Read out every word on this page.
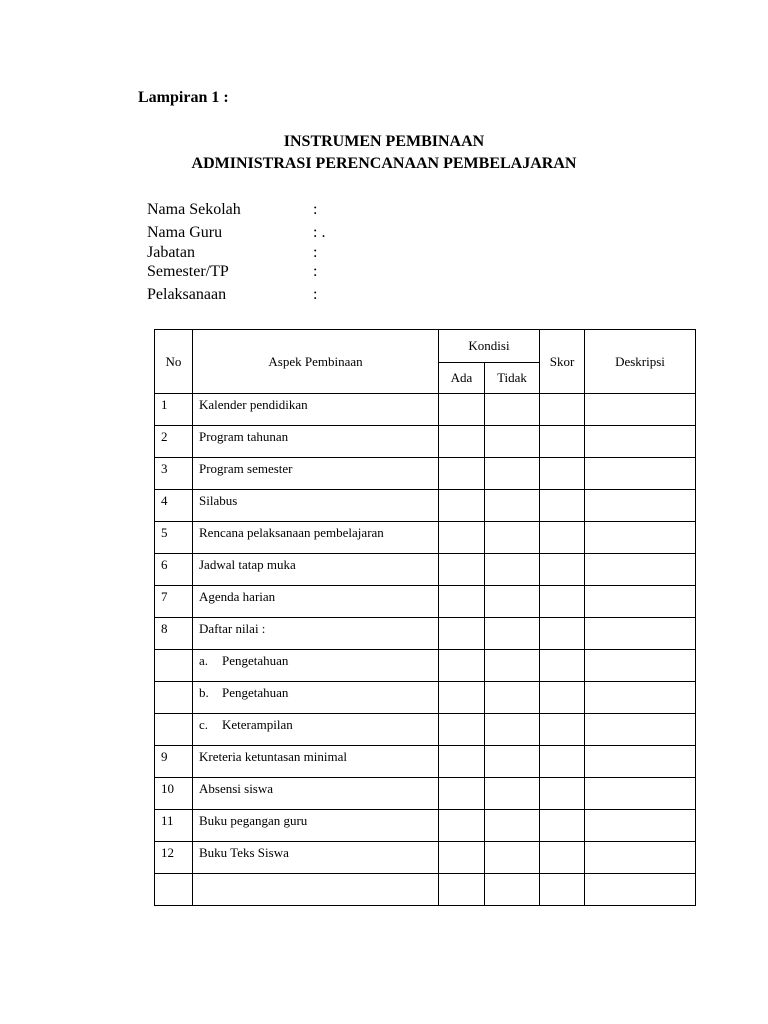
Lampiran 1 :
INSTRUMEN PEMBINAAN
ADMINISTRASI PERENCANAAN PEMBELAJARAN
Nama Sekolah	:
Nama Guru	: .
Jabatan	:
Semester/TP	:
Pelaksanaan	:
No	Aspek Pembinaan	Kondisi		Skor	Deskripsi
		Ada	Tidak		

1	Kalender pendidikan				

2	Program tahunan				

3	Program semester				

4	Silabus				

5	Rencana pelaksanaan pembelajaran				

6	Jadwal tatap muka				

7	Agenda harian				

8	Daftar nilai :				

	a. Pengetahuan				

	b. Pengetahuan				

	c. Keterampilan				

9	Kreteria ketuntasan minimal				

10	Absensi siswa				

11	Buku pegangan guru				

12	Buku Teks Siswa				
